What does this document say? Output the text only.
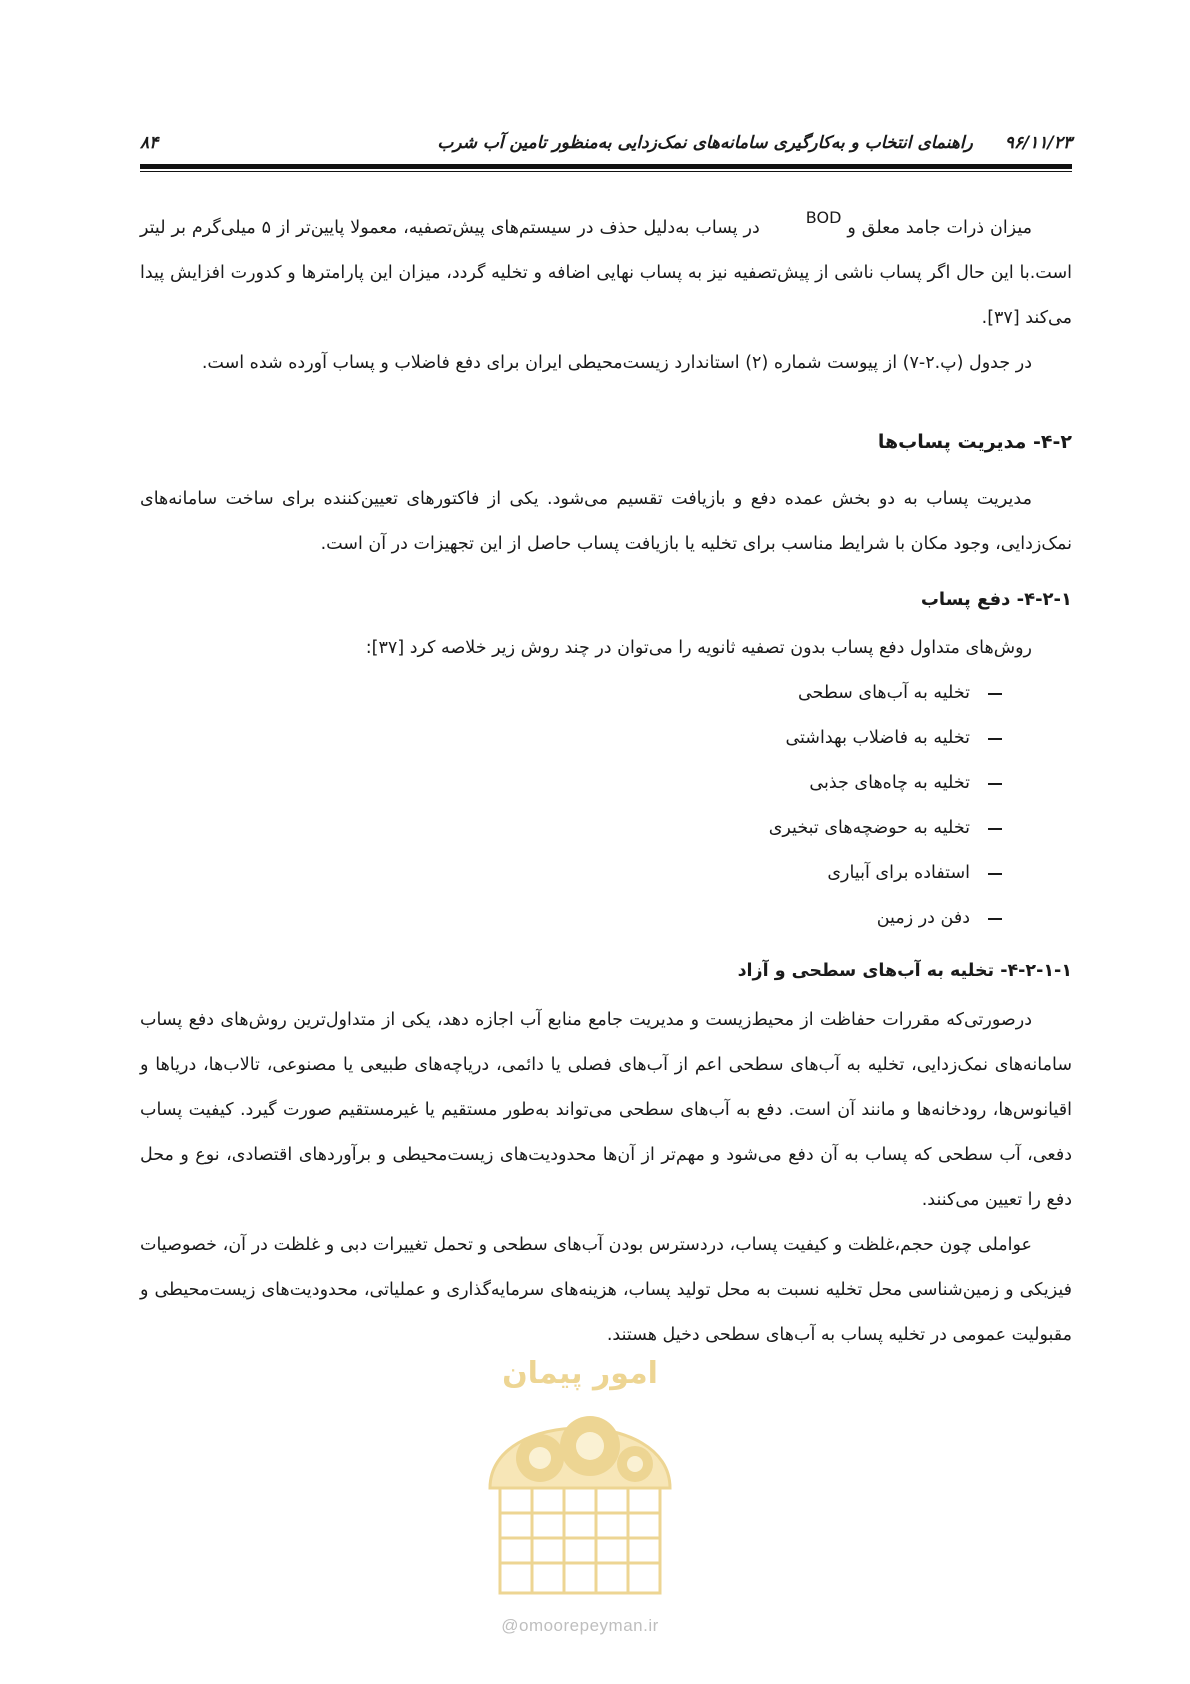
۹۶/۱۱/۲۳
راهنمای انتخاب و به‌کارگیری سامانه‌های نمک‌زدایی به‌منظور تامین آب شرب
۸۴

میزان ذرات جامد معلق وBODدر پساب به‌دلیل حذف در سیستم‌های پیش‌تصفیه، معمولا پایین‌تر از ۵ میلی‌گرم بر لیتر است.با این حال اگر پساب ناشی از پیش‌تصفیه نیز به پساب نهایی اضافه و تخلیه گردد، میزان این پارامترها و کدورت افزایش پیدا می‌کند [۳۷].

در جدول (پ.۲-۷) از پیوست شماره (۲) استاندارد زیست‌محیطی ایران برای دفع فاضلاب و پساب آورده شده است.

۴-۲- مدیریت پساب‌ها

مدیریت پساب به دو بخش عمده دفع و بازیافت تقسیم می‌شود. یکی از فاکتورهای تعیین‌کننده برای ساخت سامانه‌های نمک‌زدایی، وجود مکان با شرایط مناسب برای تخلیه یا بازیافت پساب حاصل از این تجهیزات در آن است.

۴-۲-۱- دفع پساب

روش‌های متداول دفع پساب بدون تصفیه ثانویه را می‌توان در چند روش زیر خلاصه کرد [۳۷]:

تخلیه به آب‌های سطحی
تخلیه به فاضلاب بهداشتی
تخلیه به چاه‌های جذبی
تخلیه به حوضچه‌های تبخیری
استفاده برای آبیاری
دفن در زمین
۴-۲-۱-۱- تخلیه به آب‌های سطحی و آزاد

درصورتی‌که مقررات حفاظت از محیط‌زیست و مدیریت جامع منابع آب اجازه دهد، یکی از متداول‌ترین روش‌های دفع پساب سامانه‌های نمک‌زدایی، تخلیه به آب‌های سطحی اعم از آب‌های فصلی یا دائمی، دریاچه‌های طبیعی یا مصنوعی، تالاب‌ها، دریاها و اقیانوس‌ها، رودخانه‌ها و مانند آن است. دفع به آب‌های سطحی می‌تواند به‌طور مستقیم یا غیرمستقیم صورت گیرد. کیفیت پساب دفعی، آب سطحی که پساب به آن دفع می‌شود و مهم‌تر از آن‌ها محدودیت‌های زیست‌محیطی و برآوردهای اقتصادی، نوع و محل دفع را تعیین می‌کنند.

عواملی چون حجم،غلظت و کیفیت پساب، دردسترس بودن آب‌های سطحی و تحمل تغییرات دبی و غلظت در آن، خصوصیات فیزیکی و زمین‌شناسی محل تخلیه نسبت به محل تولید پساب، هزینه‌های سرمایه‌گذاری و عملیاتی، محدودیت‌های زیست‌محیطی و مقبولیت عمومی در تخلیه پساب به آب‌های سطحی دخیل هستند.

امور پیمان
@omoorepeyman.ir
